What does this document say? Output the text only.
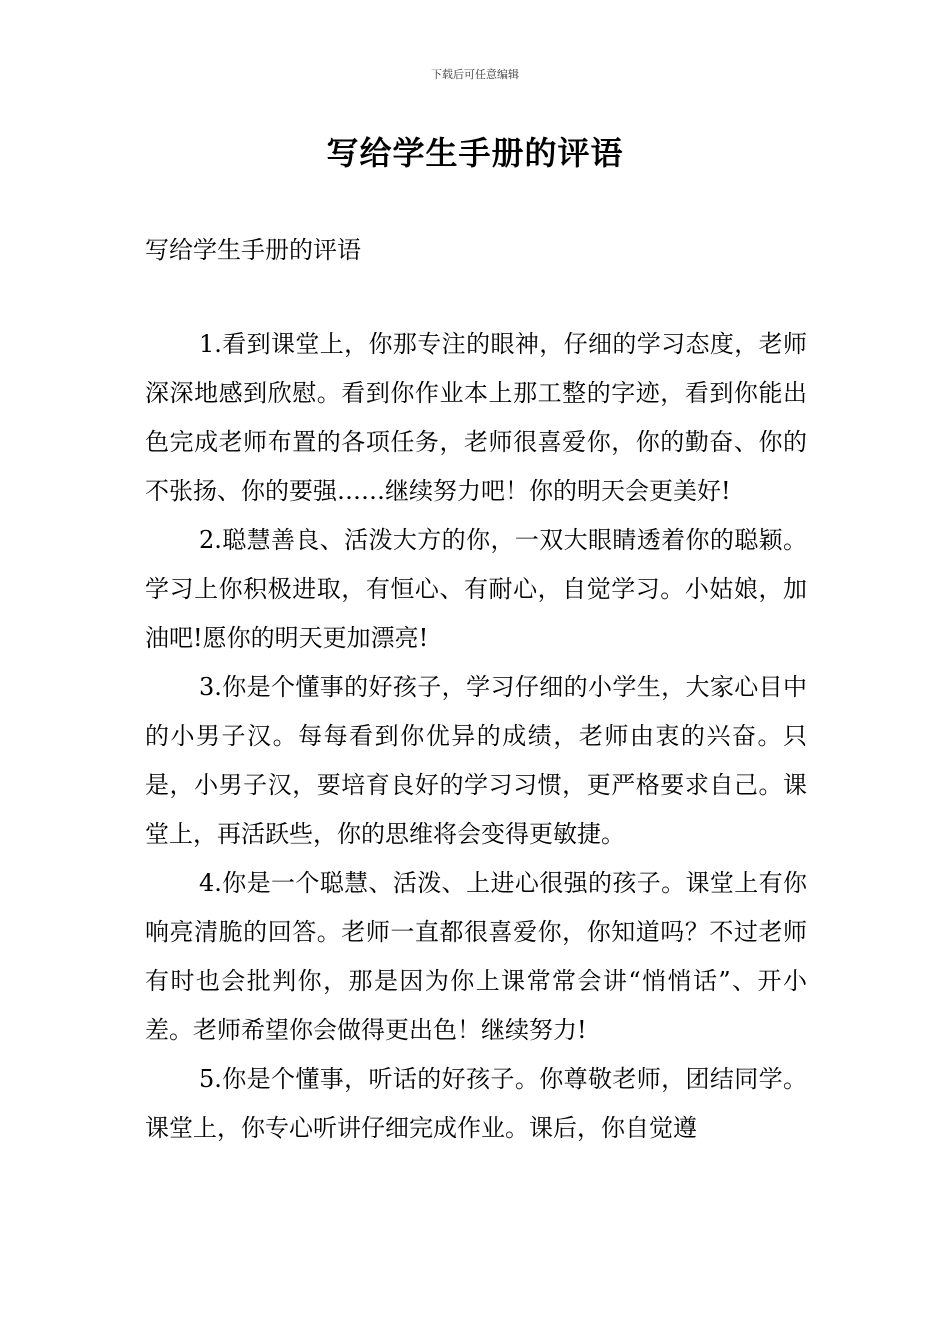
下载后可任意编辑
写给学生手册的评语

写给学生手册的评语

1.看到课堂上，你那专注的眼神，仔细的学习态度，老师深深地感到欣慰。看到你作业本上那工整的字迹，看到你能出色完成老师布置的各项任务，老师很喜爱你，你的勤奋、你的不张扬、你的要强……继续努力吧！你的明天会更美好!

2.聪慧善良、活泼大方的你，一双大眼睛透着你的聪颖。学习上你积极进取，有恒心、有耐心，自觉学习。小姑娘，加油吧!愿你的明天更加漂亮!

3.你是个懂事的好孩子，学习仔细的小学生，大家心目中的小男子汉。每每看到你优异的成绩，老师由衷的兴奋。只是，小男子汉，要培育良好的学习习惯，更严格要求自己。课堂上，再活跃些，你的思维将会变得更敏捷。

4.你是一个聪慧、活泼、上进心很强的孩子。课堂上有你响亮清脆的回答。老师一直都很喜爱你，你知道吗？不过老师有时也会批判你，那是因为你上课常常会讲“悄悄话”、开小差。老师希望你会做得更出色！继续努力!

5.你是个懂事，听话的好孩子。你尊敬老师，团结同学。课堂上，你专心听讲仔细完成作业。课后，你自觉遵
